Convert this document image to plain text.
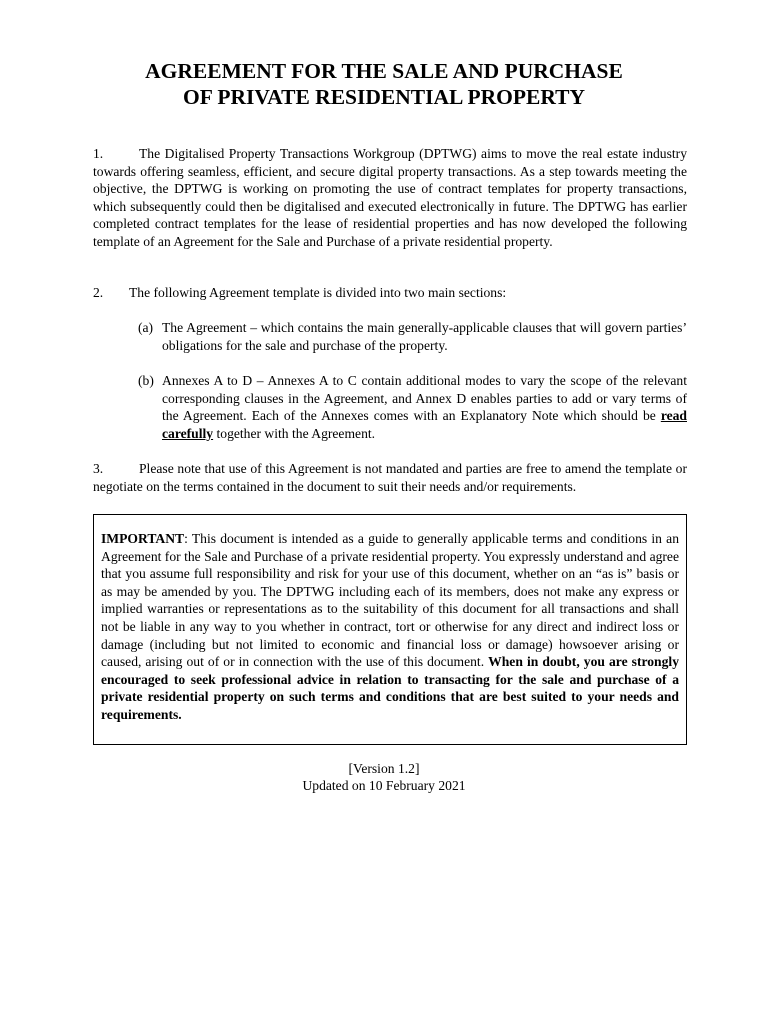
AGREEMENT FOR THE SALE AND PURCHASE
OF PRIVATE RESIDENTIAL PROPERTY
1.	The Digitalised Property Transactions Workgroup (DPTWG) aims to move the real estate industry towards offering seamless, efficient, and secure digital property transactions. As a step towards meeting the objective, the DPTWG is working on promoting the use of contract templates for property transactions, which subsequently could then be digitalised and executed electronically in future. The DPTWG has earlier completed contract templates for the lease of residential properties and has now developed the following template of an Agreement for the Sale and Purchase of a private residential property.
2. The following Agreement template is divided into two main sections:
(a) The Agreement – which contains the main generally-applicable clauses that will govern parties’ obligations for the sale and purchase of the property.
(b) Annexes A to D – Annexes A to C contain additional modes to vary the scope of the relevant corresponding clauses in the Agreement, and Annex D enables parties to add or vary terms of the Agreement. Each of the Annexes comes with an Explanatory Note which should be read carefully together with the Agreement.
3.	Please note that use of this Agreement is not mandated and parties are free to amend the template or negotiate on the terms contained in the document to suit their needs and/or requirements.
IMPORTANT: This document is intended as a guide to generally applicable terms and conditions in an Agreement for the Sale and Purchase of a private residential property. You expressly understand and agree that you assume full responsibility and risk for your use of this document, whether on an “as is” basis or as may be amended by you. The DPTWG including each of its members, does not make any express or implied warranties or representations as to the suitability of this document for all transactions and shall not be liable in any way to you whether in contract, tort or otherwise for any direct and indirect loss or damage (including but not limited to economic and financial loss or damage) howsoever arising or caused, arising out of or in connection with the use of this document. When in doubt, you are strongly encouraged to seek professional advice in relation to transacting for the sale and purchase of a private residential property on such terms and conditions that are best suited to your needs and requirements.
[Version 1.2]
Updated on 10 February 2021
